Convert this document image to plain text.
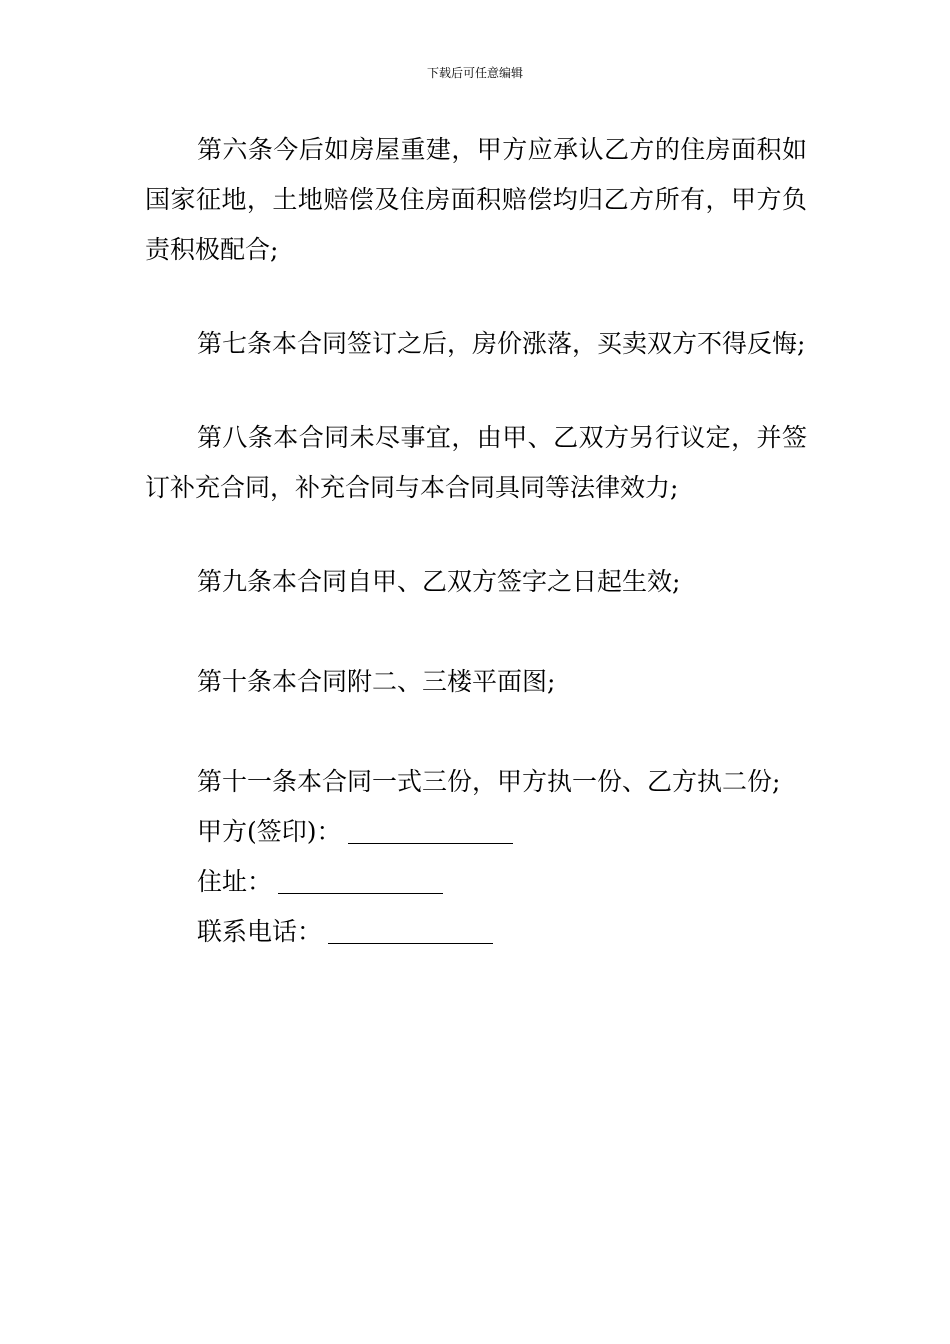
下载后可任意编辑

第六条今后如房屋重建，甲方应承认乙方的住房面积如国家征地，土地赔偿及住房面积赔偿均归乙方所有，甲方负责积极配合;

第七条本合同签订之后，房价涨落，买卖双方不得反悔;

第八条本合同未尽事宜，由甲、乙双方另行议定，并签订补充合同，补充合同与本合同具同等法律效力;

第九条本合同自甲、乙双方签字之日起生效;

第十条本合同附二、三楼平面图;

第十一条本合同一式三份，甲方执一份、乙方执二份;

甲方(签印)：

住址：

联系电话：
